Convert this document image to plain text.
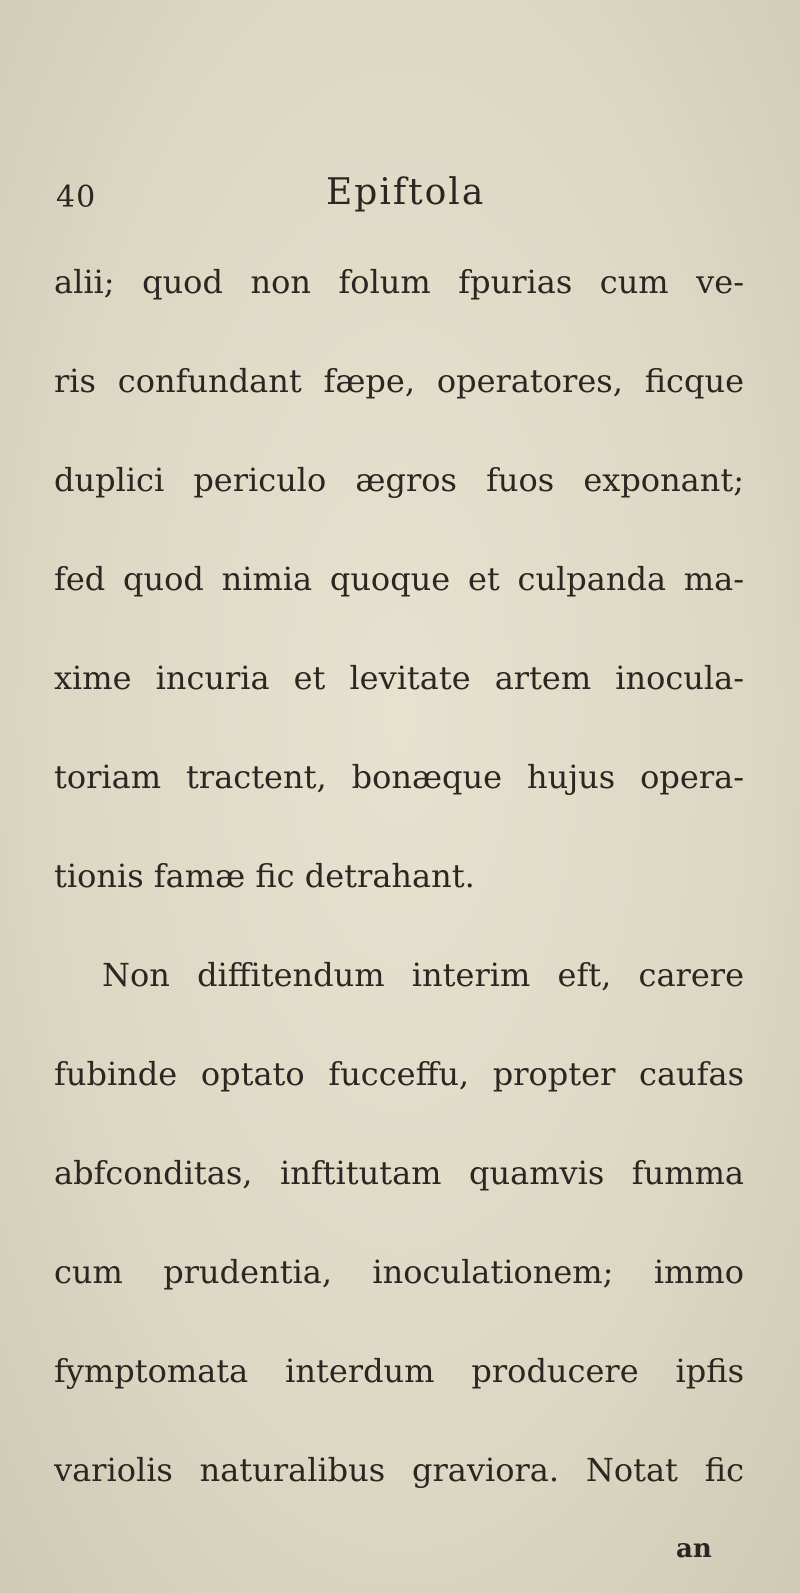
40	Epiftola
alii; quod non folum fpurias cum ve-
ris confundant fæpe, operatores, ficque
duplici periculo ægros fuos exponant;
fed quod nimia quoque et culpanda ma-
xime incuria et levitate artem inocula-
toriam tractent, bonæque hujus opera-
tionis famæ fic detrahant.
Non diffitendum interim eft, carere
fubinde optato fucceffu, propter caufas
abfconditas, inftitutam quamvis fumma
cum prudentia, inoculationem; immo
fymptomata interdum producere ipfis
variolis naturalibus graviora. Notat fic
an
